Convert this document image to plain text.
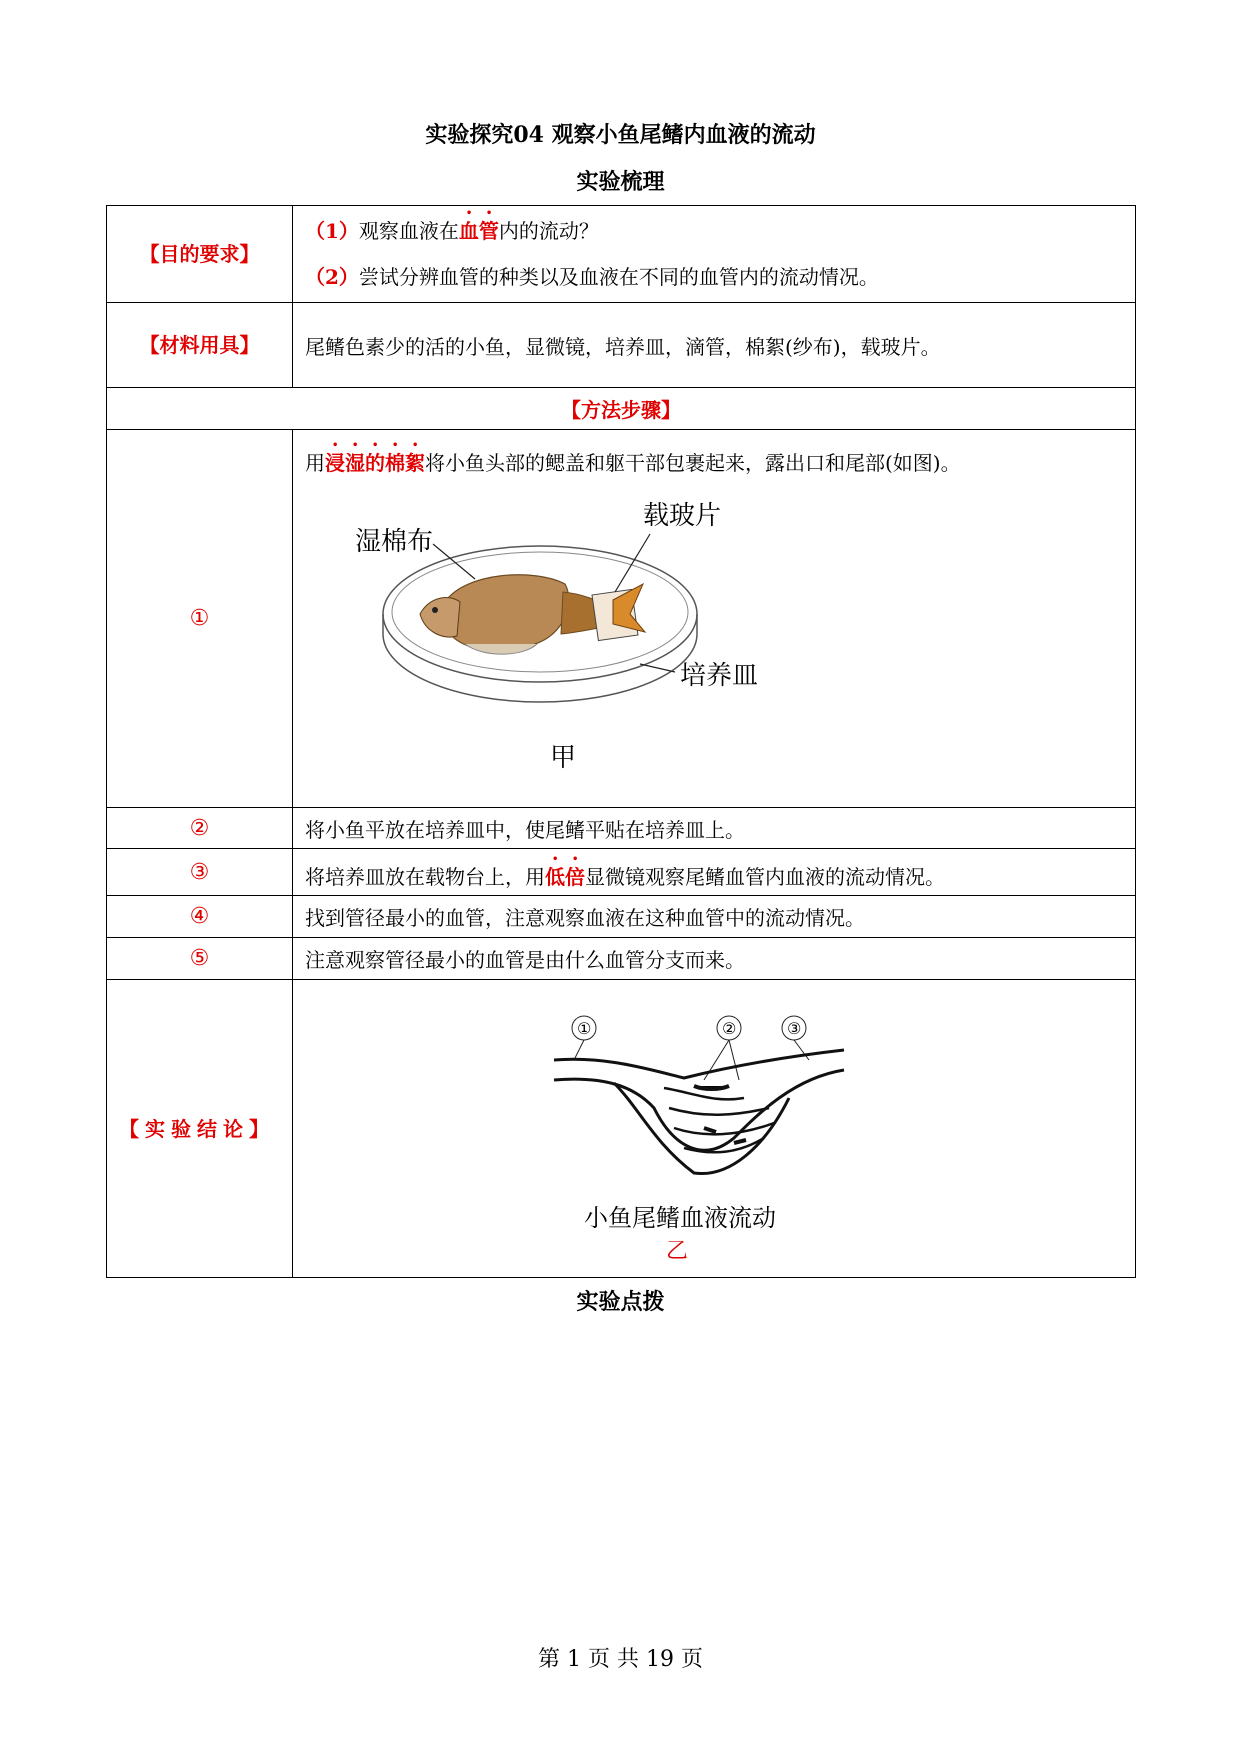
实验探究04 观察小鱼尾鳍内血液的流动
实验梳理
【目的要求】	（1）观察血液在血管内的流动？
（2）尝试分辨血管的种类以及血液在不同的血管内的流动情况。

【材料用具】	尾鳍色素少的活的小鱼，显微镜，培养皿，滴管，棉絮(纱布)，载玻片。
【方法步骤】	
①	用浸湿的棉絮将小鱼头部的鳃盖和躯干部包裹起来，露出口和尾部(如图)。
湿棉布
载玻片
培养皿
甲

②	将小鱼平放在培养皿中，使尾鳍平贴在培养皿上。
③	将培养皿放在载物台上，用低倍显微镜观察尾鳍血管内血液的流动情况。
④	找到管径最小的血管，注意观察血液在这种血管中的流动情况。
⑤	注意观察管径最小的血管是由什么血管分支而来。
【实验结论】	① ② ③
小鱼尾鳍血液流动
乙
实验点拨
第 1 页 共 19 页
